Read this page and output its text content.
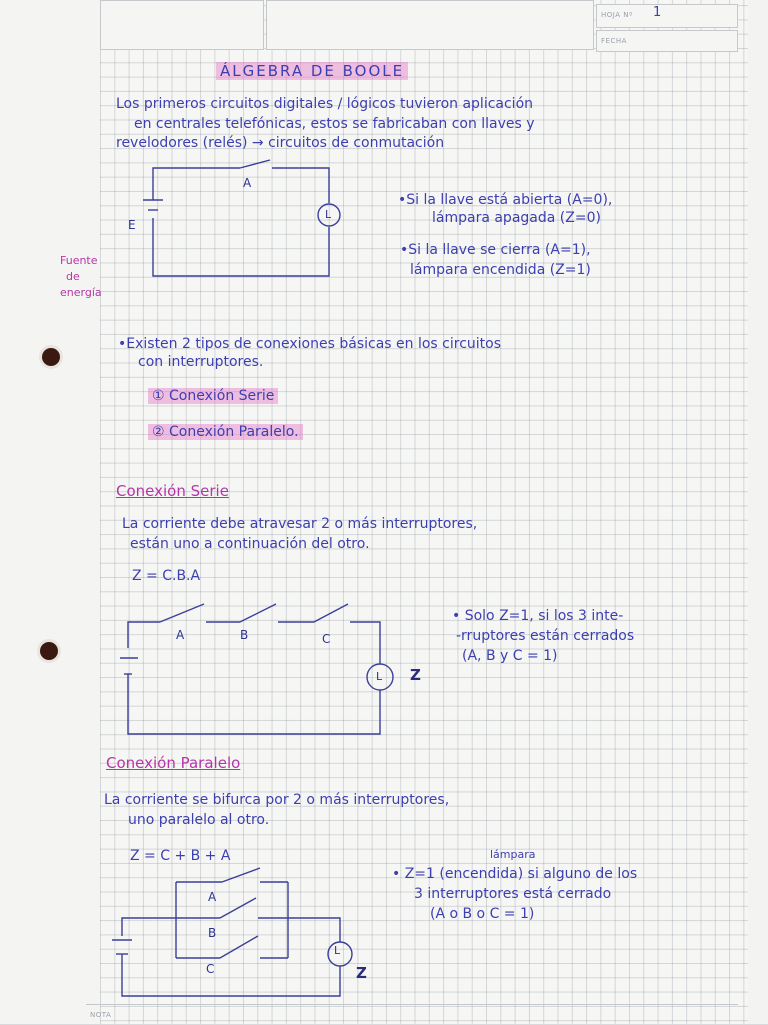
HOJA Nº 1
FECHA
ÁLGEBRA DE BOOLE
Los primeros circuitos digitales / lógicos tuvieron aplicación
en centrales telefónicas, estos se fabricaban con llaves y
revelodores (relés) → circuitos de conmutación
A
E
L
Fuente
de
energía
•Si la llave está abierta (A=0),
lámpara apagada (Z=0)
•Si la llave se cierra (A=1),
lámpara encendida (Z=1)
•Existen 2 tipos de conexiones básicas en los circuitos
con interruptores.
① Conexión Serie
② Conexión Paralelo.
Conexión Serie
La corriente debe atravesar 2 o más interruptores,
están uno a continuación del otro.
Z = C.B.A
A	B	C
L Z
• Solo Z=1, si los 3 inte-
-rruptores están cerrados
(A, B y C = 1)
Conexión Paralelo
La corriente se bifurca por 2 o más interruptores,
uno paralelo al otro.
Z = C + B + A
A
B
C
L
Z
lámpara
• Z=1 (encendida) si alguno de los
3 interruptores está cerrado
(A o B o C = 1)
NOTA
